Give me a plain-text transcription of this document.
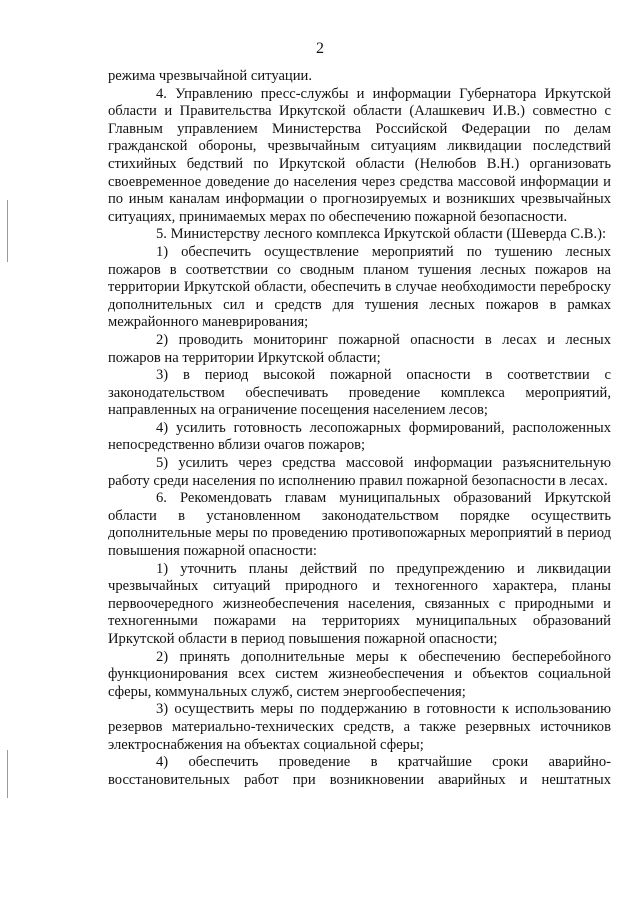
2

режима чрезвычайной ситуации.

4. Управлению пресс-службы и информации Губернатора Иркутской области и Правительства Иркутской области (Алашкевич И.В.) совместно с Главным управлением Министерства Российской Федерации по делам гражданской обороны, чрезвычайным ситуациям ликвидации последствий стихийных бедствий по Иркутской области (Нелюбов В.Н.) организовать своевременное доведение до населения через средства массовой информации и по иным каналам информации о прогнозируемых и возникших чрезвычайных ситуациях, принимаемых мерах по обеспечению пожарной безопасности.

5. Министерству лесного комплекса Иркутской области (Шеверда С.В.):

1) обеспечить осуществление мероприятий по тушению лесных пожаров в соответствии со сводным планом тушения лесных пожаров на территории Иркутской области, обеспечить в случае необходимости переброску дополнительных сил и средств для тушения лесных пожаров в рамках межрайонного маневрирования;

2) проводить мониторинг пожарной опасности в лесах и лесных пожаров на территории Иркутской области;

3) в период высокой пожарной опасности в соответствии с законодательством обеспечивать проведение комплекса мероприятий, направленных на ограничение посещения населением лесов;

4) усилить готовность лесопожарных формирований, расположенных непосредственно вблизи очагов пожаров;

5) усилить через средства массовой информации разъяснительную работу среди населения по исполнению правил пожарной безопасности в лесах.

6. Рекомендовать главам муниципальных образований Иркутской области в установленном законодательством порядке осуществить дополнительные меры по проведению противопожарных мероприятий в период повышения пожарной опасности:

1) уточнить планы действий по предупреждению и ликвидации чрезвычайных ситуаций природного и техногенного характера, планы первоочередного жизнеобеспечения населения, связанных с природными и техногенными пожарами на территориях муниципальных образований Иркутской области в период повышения пожарной опасности;

2) принять дополнительные меры к обеспечению бесперебойного функционирования всех систем жизнеобеспечения и объектов социальной сферы, коммунальных служб, систем энергообеспечения;

3) осуществить меры по поддержанию в готовности к использованию резервов материально-технических средств, а также резервных источников электроснабжения на объектах социальной сферы;

4) обеспечить проведение в кратчайшие сроки аварийно-восстановительных работ при возникновении аварийных и нештатных
